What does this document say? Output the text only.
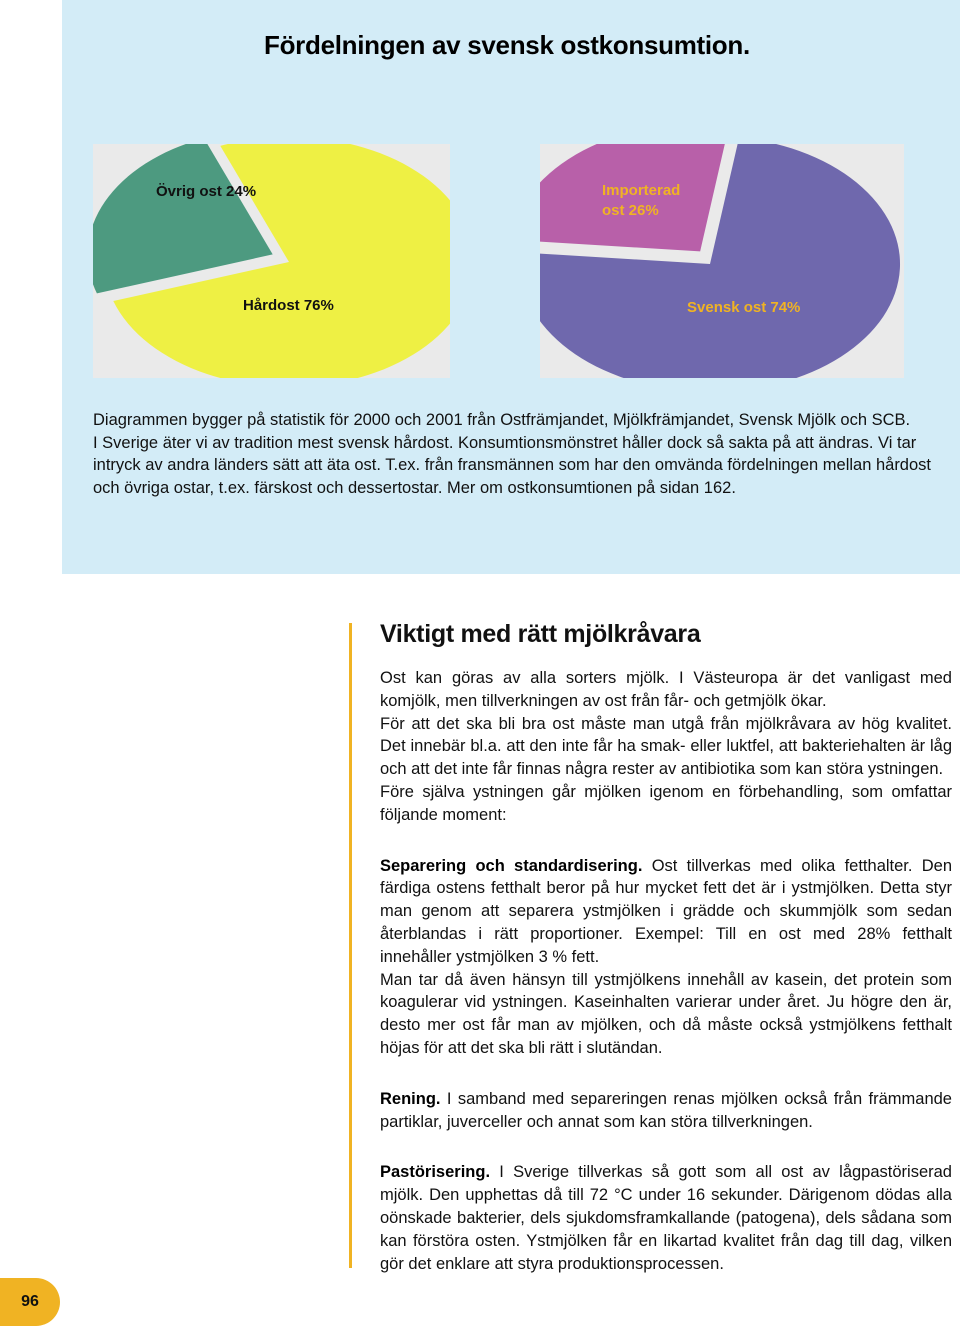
Fördelningen av svensk ostkonsumtion.
Övrig ost 24%
Hårdost 76%
Importerad
ost 26%
Svensk ost 74%

Diagrammen bygger på statistik för 2000 och 2001 från Ostfrämjandet, Mjölkfrämjandet, Svensk Mjölk och SCB.

I Sverige äter vi av tradition mest svensk hårdost. Konsumtionsmönstret håller dock så sakta på att ändras. Vi tar intryck av andra länders sätt att äta ost. T.ex. från fransmännen som har den omvända fördelningen mellan hårdost och övriga ostar, t.ex. färskost och dessertostar. Mer om ostkonsumtionen på sidan 162.

Viktigt med rätt mjölkråvara

Ost kan göras av alla sorters mjölk. I Västeuropa är det vanligast med komjölk, men tillverkningen av ost från får- och getmjölk ökar.

För att det ska bli bra ost måste man utgå från mjölkråvara av hög kvalitet. Det innebär bl.a. att den inte får ha smak- eller luktfel, att bakteriehalten är låg och att det inte får finnas några rester av antibiotika som kan störa ystningen.

Före själva ystningen går mjölken igenom en förbehandling, som omfattar följande moment:

Separering och standardisering. Ost tillverkas med olika fetthalter. Den färdiga ostens fetthalt beror på hur mycket fett det är i ystmjölken. Detta styr man genom att separera ystmjölken i grädde och skummjölk som sedan återblandas i rätt proportioner. Exempel: Till en ost med 28% fetthalt innehåller ystmjölken 3 % fett.

Man tar då även hänsyn till ystmjölkens innehåll av kasein, det protein som koagulerar vid ystningen. Kaseinhalten varierar under året. Ju högre den är, desto mer ost får man av mjölken, och då måste också ystmjölkens fetthalt höjas för att det ska bli rätt i slutändan.

Rening. I samband med separeringen renas mjölken också från främmande partiklar, juverceller och annat som kan störa tillverkningen.

Pastörisering. I Sverige tillverkas så gott som all ost av lågpastöriserad mjölk. Den upphettas då till 72 °C under 16 sekunder. Därigenom dödas alla oönskade bakterier, dels sjukdomsframkallande (patogena), dels sådana som kan förstöra osten. Ystmjölken får en likartad kvalitet från dag till dag, vilken gör det enklare att styra produktionsprocessen.

96
